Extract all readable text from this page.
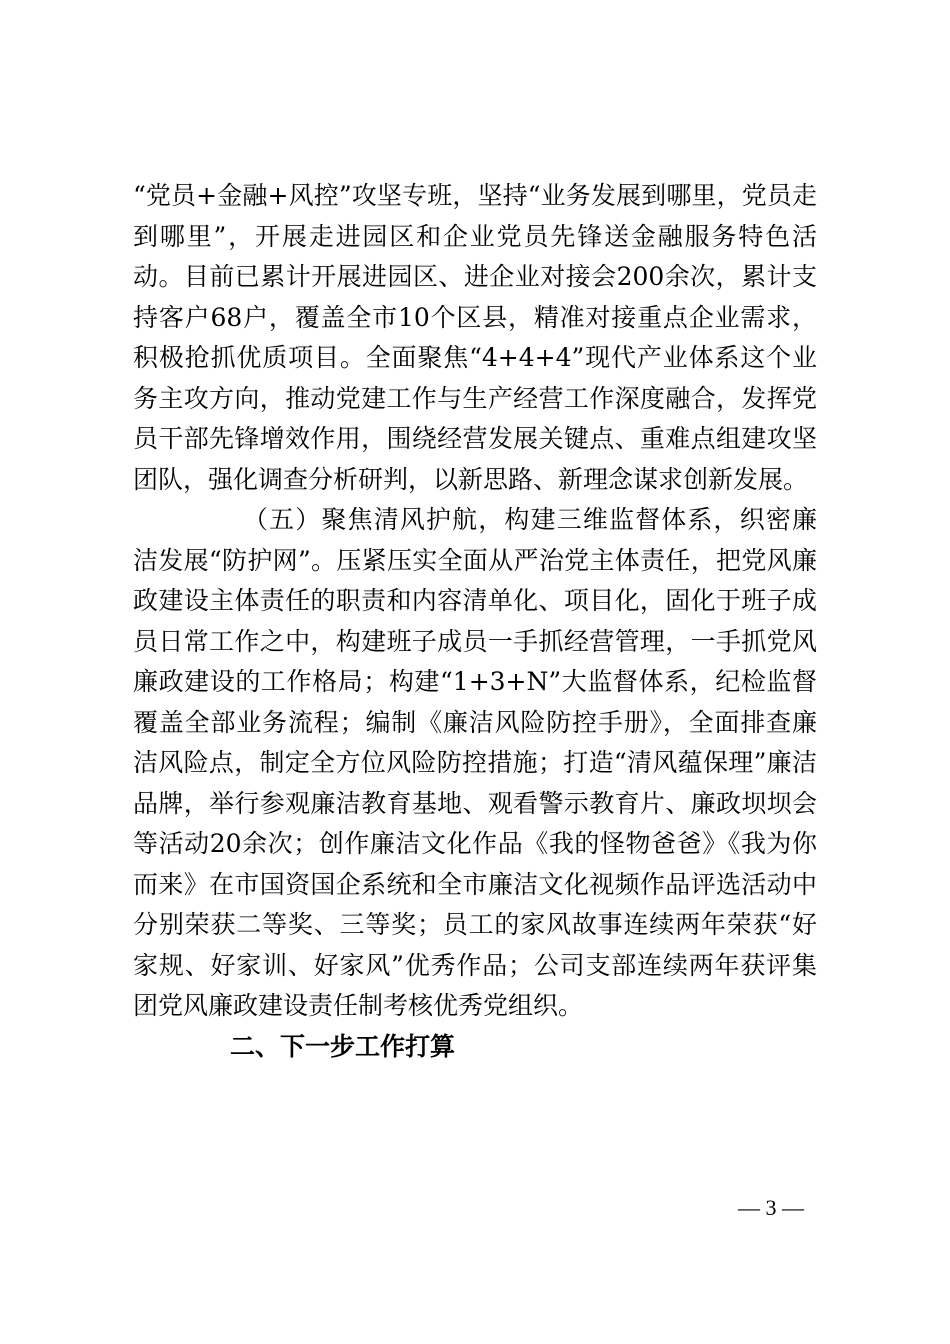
“党员+金融+风控”攻坚专班，坚持“业务发展到哪里，党员走到哪里”，开展走进园区和企业党员先锋送金融服务特色活动。目前已累计开展进园区、进企业对接会200余次，累计支持客户68户，覆盖全市10个区县，精准对接重点企业需求，积极抢抓优质项目。全面聚焦“4+4+4”现代产业体系这个业务主攻方向，推动党建工作与生产经营工作深度融合，发挥党员干部先锋增效作用，围绕经营发展关键点、重难点组建攻坚团队，强化调查分析研判，以新思路、新理念谋求创新发展。

（五）聚焦清风护航，构建三维监督体系，织密廉洁发展“防护网”。压紧压实全面从严治党主体责任，把党风廉政建设主体责任的职责和内容清单化、项目化，固化于班子成员日常工作之中，构建班子成员一手抓经营管理，一手抓党风廉政建设的工作格局；构建“1+3+N”大监督体系，纪检监督覆盖全部业务流程；编制《廉洁风险防控手册》，全面排查廉洁风险点，制定全方位风险防控措施；打造“清风蕴保理”廉洁品牌，举行参观廉洁教育基地、观看警示教育片、廉政坝坝会等活动20余次；创作廉洁文化作品《我的怪物爸爸》《我为你而来》在市国资国企系统和全市廉洁文化视频作品评选活动中分别荣获二等奖、三等奖；员工的家风故事连续两年荣获“好家规、好家训、好家风”优秀作品；公司支部连续两年获评集团党风廉政建设责任制考核优秀党组织。

二、下一步工作打算

— 3 —
